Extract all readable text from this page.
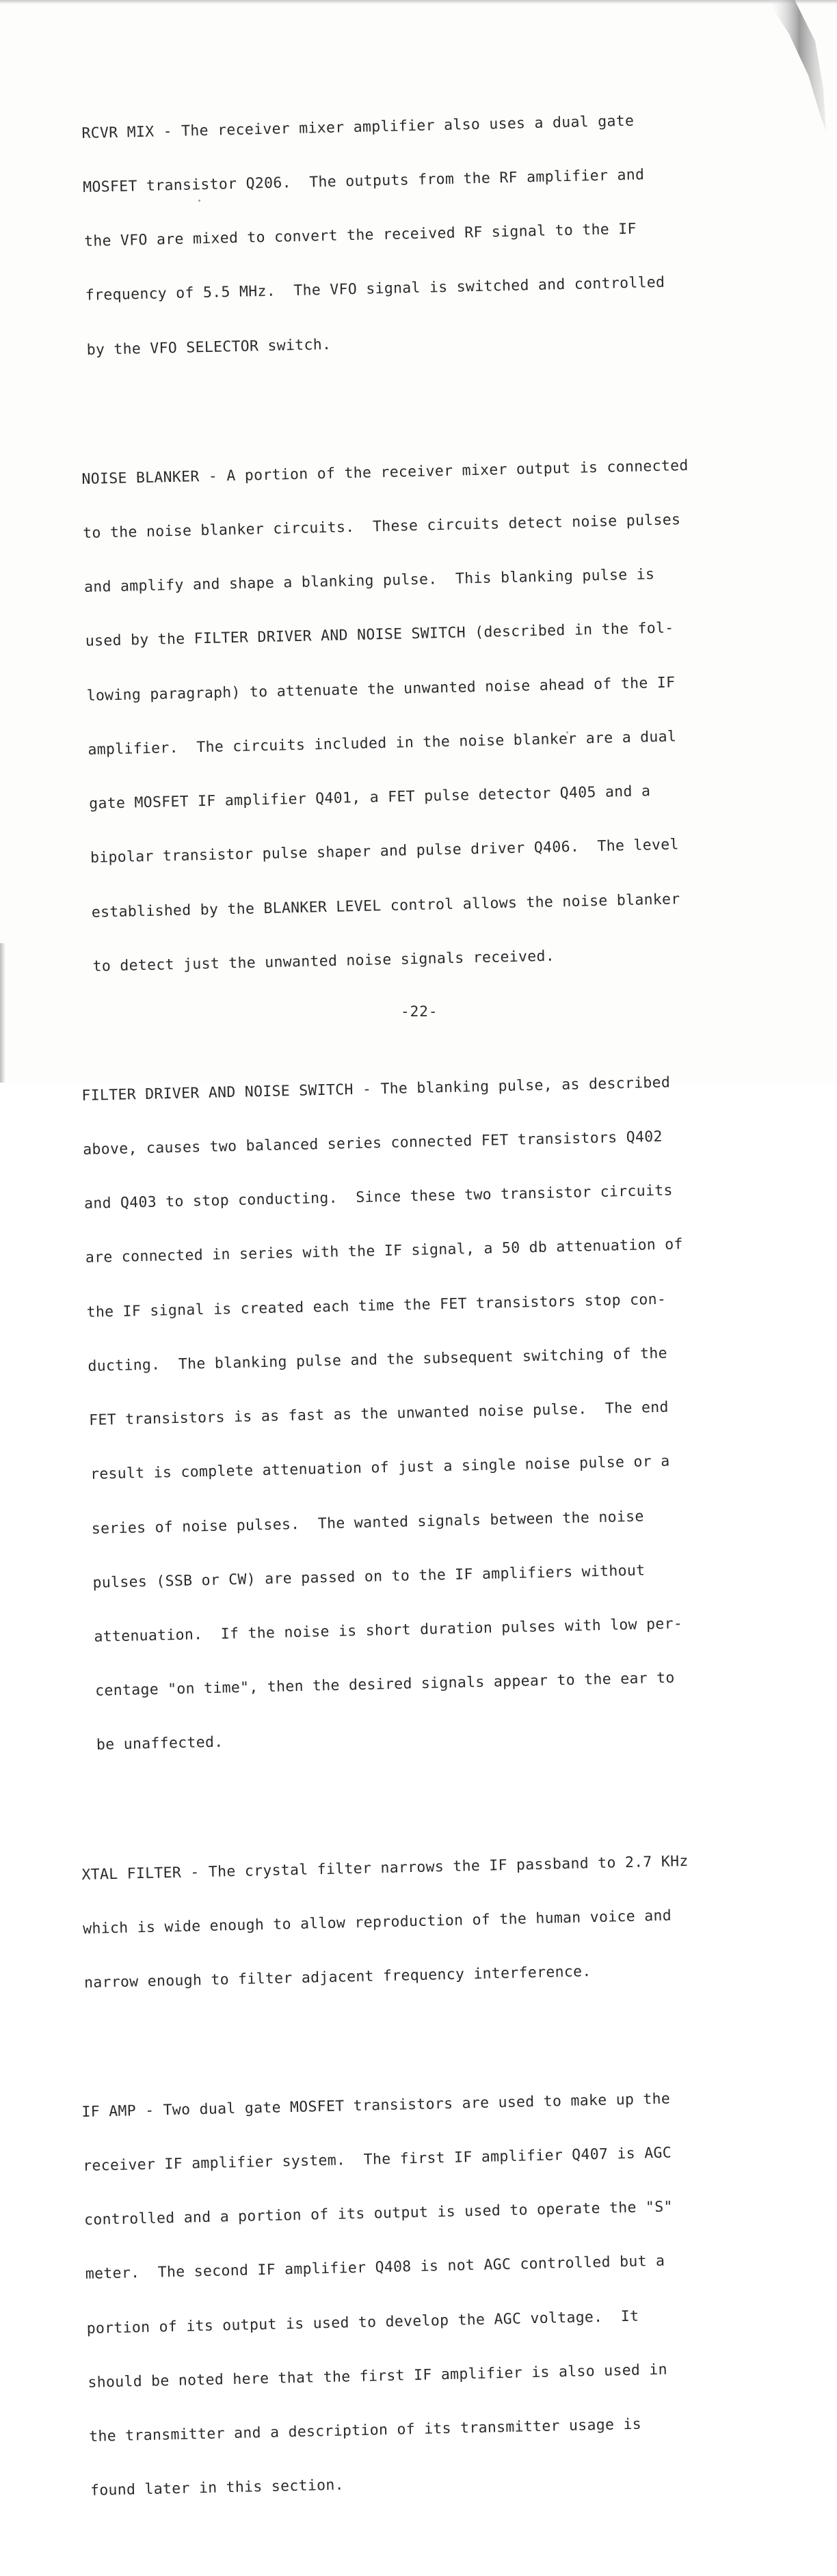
RCVR MIX - The receiver mixer amplifier also uses a dual gate

MOSFET transistor Q206.  The outputs from the RF amplifier and

the VFO are mixed to convert the received RF signal to the IF

frequency of 5.5 MHz.  The VFO signal is switched and controlled

by the VFO SELECTOR switch.

NOISE BLANKER - A portion of the receiver mixer output is connected

to the noise blanker circuits.  These circuits detect noise pulses

and amplify and shape a blanking pulse.  This blanking pulse is

used by the FILTER DRIVER AND NOISE SWITCH (described in the fol-

lowing paragraph) to attenuate the unwanted noise ahead of the IF

amplifier.  The circuits included in the noise blanker are a dual

gate MOSFET IF amplifier Q401, a FET pulse detector Q405 and a

bipolar transistor pulse shaper and pulse driver Q406.  The level

established by the BLANKER LEVEL control allows the noise blanker

to detect just the unwanted noise signals received.

FILTER DRIVER AND NOISE SWITCH - The blanking pulse, as described

above, causes two balanced series connected FET transistors Q402

and Q403 to stop conducting.  Since these two transistor circuits

are connected in series with the IF signal, a 50 db attenuation of

the IF signal is created each time the FET transistors stop con-

ducting.  The blanking pulse and the subsequent switching of the

FET transistors is as fast as the unwanted noise pulse.  The end

result is complete attenuation of just a single noise pulse or a

series of noise pulses.  The wanted signals between the noise

pulses (SSB or CW) are passed on to the IF amplifiers without

attenuation.  If the noise is short duration pulses with low per-

centage "on time", then the desired signals appear to the ear to

be unaffected.

XTAL FILTER - The crystal filter narrows the IF passband to 2.7 KHz

which is wide enough to allow reproduction of the human voice and

narrow enough to filter adjacent frequency interference.

IF AMP - Two dual gate MOSFET transistors are used to make up the

receiver IF amplifier system.  The first IF amplifier Q407 is AGC

controlled and a portion of its output is used to operate the "S"

meter.  The second IF amplifier Q408 is not AGC controlled but a

portion of its output is used to develop the AGC voltage.  It

should be noted here that the first IF amplifier is also used in

the transmitter and a description of its transmitter usage is

found later in this section.

-22-
